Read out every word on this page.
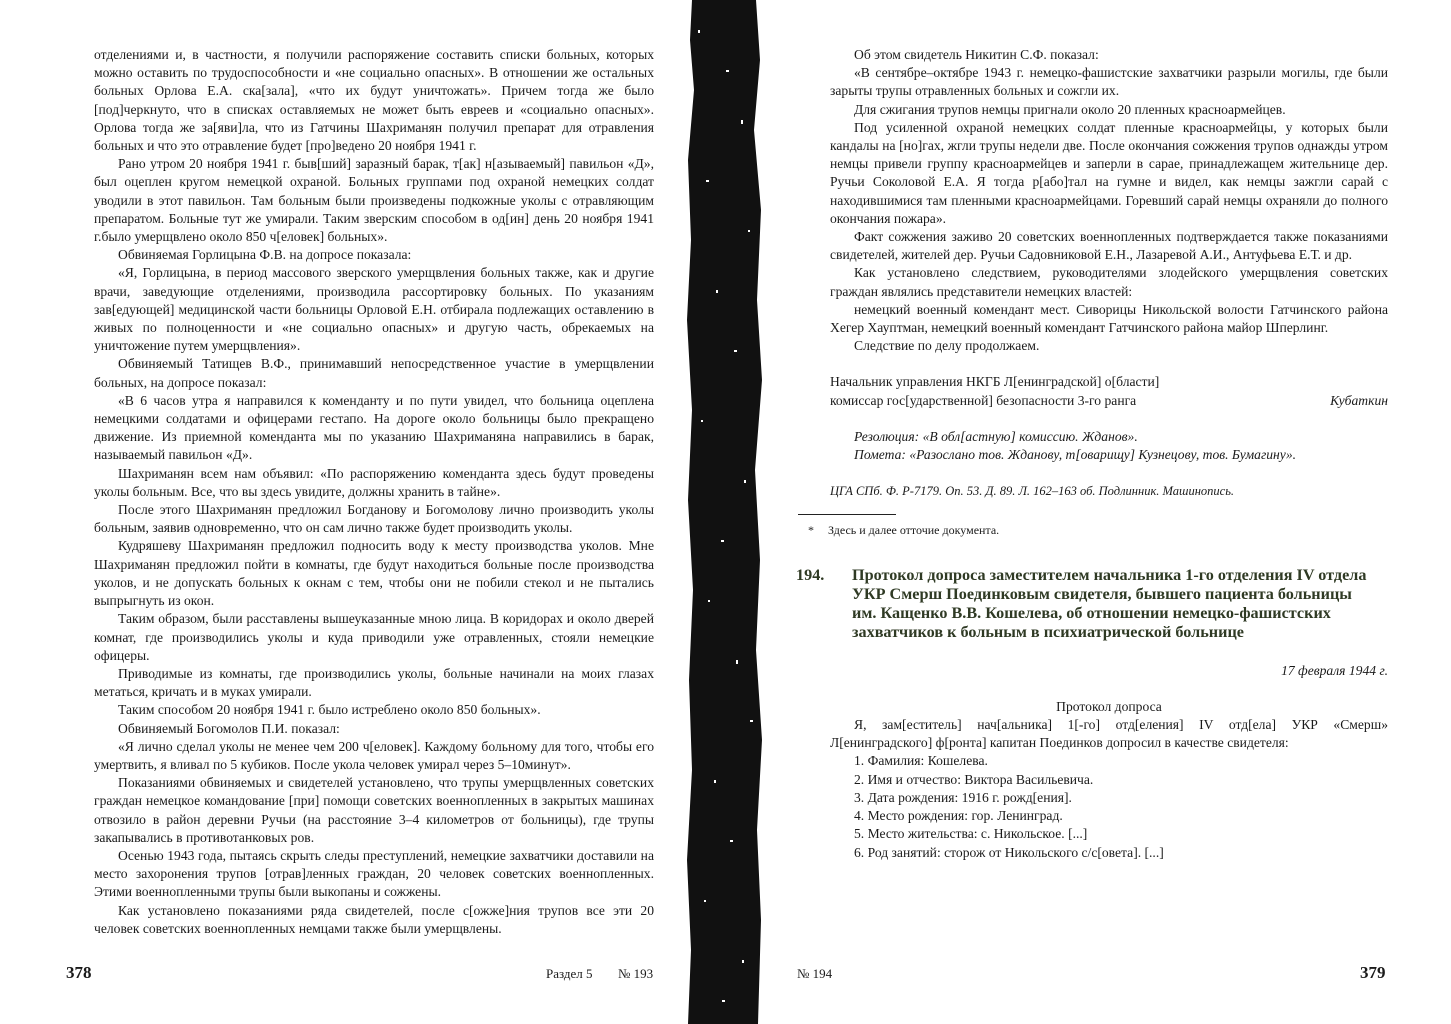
отделениями и, в частности, я получили распоряжение составить списки больных, которых можно оставить по трудоспособности и «не социально опасных». В отношении же остальных больных Орлова Е.А. ска[зала], «что их будут уничтожать». Причем тогда же было [под]черкнуто, что в списках оставляемых не может быть евреев и «социально опасных». Орлова тогда же за[яви]ла, что из Гатчины Шахриманян получил препарат для отравления больных и что это отравление будет [про]ведено 20 ноября 1941 г.

Рано утром 20 ноября 1941 г. быв[ший] заразный барак, т[ак] н[азываемый] павильон «Д», был оцеплен кругом немецкой охраной. Больных группами под охраной немецких солдат уводили в этот павильон. Там больным были произведены подкожные уколы с отравляющим препаратом. Больные тут же умирали. Таким зверским способом в од[ин] день 20 ноября 1941 г.было умерщвлено около 850 ч[еловек] больных».

Обвиняемая Горлицына Ф.В. на допросе показала:

«Я, Горлицына, в период массового зверского умерщвления больных также, как и другие врачи, заведующие отделениями, производила рассортировку больных. По указаниям зав[едующей] медицинской части больницы Орловой Е.Н. отбирала подлежащих оставлению в живых по полноценности и «не социально опасных» и другую часть, обрекаемых на уничтожение путем умерщвления».

Обвиняемый Татищев В.Ф., принимавший непосредственное участие в умерщвлении больных, на допросе показал:

«В 6 часов утра я направился к коменданту и по пути увидел, что больница оцеплена немецкими солдатами и офицерами гестапо. На дороге около больницы было прекращено движение. Из приемной коменданта мы по указанию Шахриманяна направились в барак, называемый павильон «Д».

Шахриманян всем нам объявил: «По распоряжению коменданта здесь будут проведены уколы больным. Все, что вы здесь увидите, должны хранить в тайне».

После этого Шахриманян предложил Богданову и Богомолову лично производить уколы больным, заявив одновременно, что он сам лично также будет производить уколы.

Кудряшеву Шахриманян предложил подносить воду к месту производства уколов. Мне Шахриманян предложил пойти в комнаты, где будут находиться больные после производства уколов, и не допускать больных к окнам с тем, чтобы они не побили стекол и не пытались выпрыгнуть из окон.

Таким образом, были расставлены вышеуказанные мною лица. В коридорах и около дверей комнат, где производились уколы и куда приводили уже отравленных, стояли немецкие офицеры.

Приводимые из комнаты, где производились уколы, больные начинали на моих глазах метаться, кричать и в муках умирали.

Таким способом 20 ноября 1941 г. было истреблено около 850 больных».

Обвиняемый Богомолов П.И. показал:

«Я лично сделал уколы не менее чем 200 ч[еловек]. Каждому больному для того, чтобы его умертвить, я вливал по 5 кубиков. После укола человек умирал через 5–10минут».

Показаниями обвиняемых и свидетелей установлено, что трупы умерщвленных советских граждан немецкое командование [при] помощи советских военнопленных в закрытых машинах отвозило в район деревни Ручьи (на расстояние 3–4 километров от больницы), где трупы закапывались в противотанковых ров.

Осенью 1943 года, пытаясь скрыть следы преступлений, немецкие захватчики доставили на место захоронения трупов [отрав]ленных граждан, 20 человек советских военнопленных. Этими военнопленными трупы были выкопаны и сожжены.

Как установлено показаниями ряда свидетелей, после с[ожже]ния трупов все эти 20 человек советских военнопленных немцами также были умерщвлены.

378	Раздел 5 № 193

Об этом свидетель Никитин С.Ф. показал:

«В сентябре–октябре 1943 г. немецко-фашистские захватчики разрыли могилы, где были зарыты трупы отравленных больных и сожгли их.

Для сжигания трупов немцы пригнали около 20 пленных красноармейцев.

Под усиленной охраной немецких солдат пленные красноармейцы, у которых были кандалы на [но]гах, жгли трупы недели две. После окончания сожжения трупов однажды утром немцы привели группу красноармейцев и заперли в сарае, принадлежащем жительнице дер. Ручьи Соколовой Е.А. Я тогда р[або]тал на гумне и видел, как немцы зажгли сарай с находившимися там пленными красноармейцами. Горевший сарай немцы охраняли до полного окончания пожара».

Факт сожжения заживо 20 советских военнопленных подтверждается также показаниями свидетелей, жителей дер. Ручьи Садовниковой Е.Н., Лазаревой А.И., Антуфьева Е.Т. и др.

Как установлено следствием, руководителями злодейского умерщвления советских граждан являлись представители немецких властей:

немецкий военный комендант мест. Сиворицы Никольской волости Гатчинского района Хегер Хауптман, немецкий военный комендант Гатчинского района майор Шперлинг.

Следствие по делу продолжаем.

Начальник управления НКГБ Л[енинградской] о[бласти]
комиссар гос[ударственной] безопасности 3-го ранга	Кубаткин

Резолюция: «В обл[астную] комиссию. Жданов».

Помета: «Разослано тов. Жданову, т[оварищу] Кузнецову, тов. Бумагину».

ЦГА СПб. Ф. Р-7179. Оп. 53. Д. 89. Л. 162–163 об. Подлинник. Машинопись.

* Здесь и далее отточие документа.
194.	Протокол допроса заместителем начальника 1-го отделения IV отдела УКР Смерш Поединковым свидетеля, бывшего пациента больницы им. Кащенко В.В. Кошелева, об отношении немецко-фашистских захватчиков к больным в психиатрической больнице

17 февраля 1944 г.

Протокол допроса

Я, зам[еститель] нач[альника] 1[-го] отд[еления] IV отд[ела] УКР «Смерш» Л[енинградского] ф[ронта] капитан Поединков допросил в качестве свидетеля:

1. Фамилия: Кошелева.
2. Имя и отчество: Виктора Васильевича.
3. Дата рождения: 1916 г. рожд[ения].
4. Место рождения: гор. Ленинград.
5. Место жительства: с. Никольское. [...]
6. Род занятий: сторож от Никольского с/с[овета]. [...]
№ 194	379
